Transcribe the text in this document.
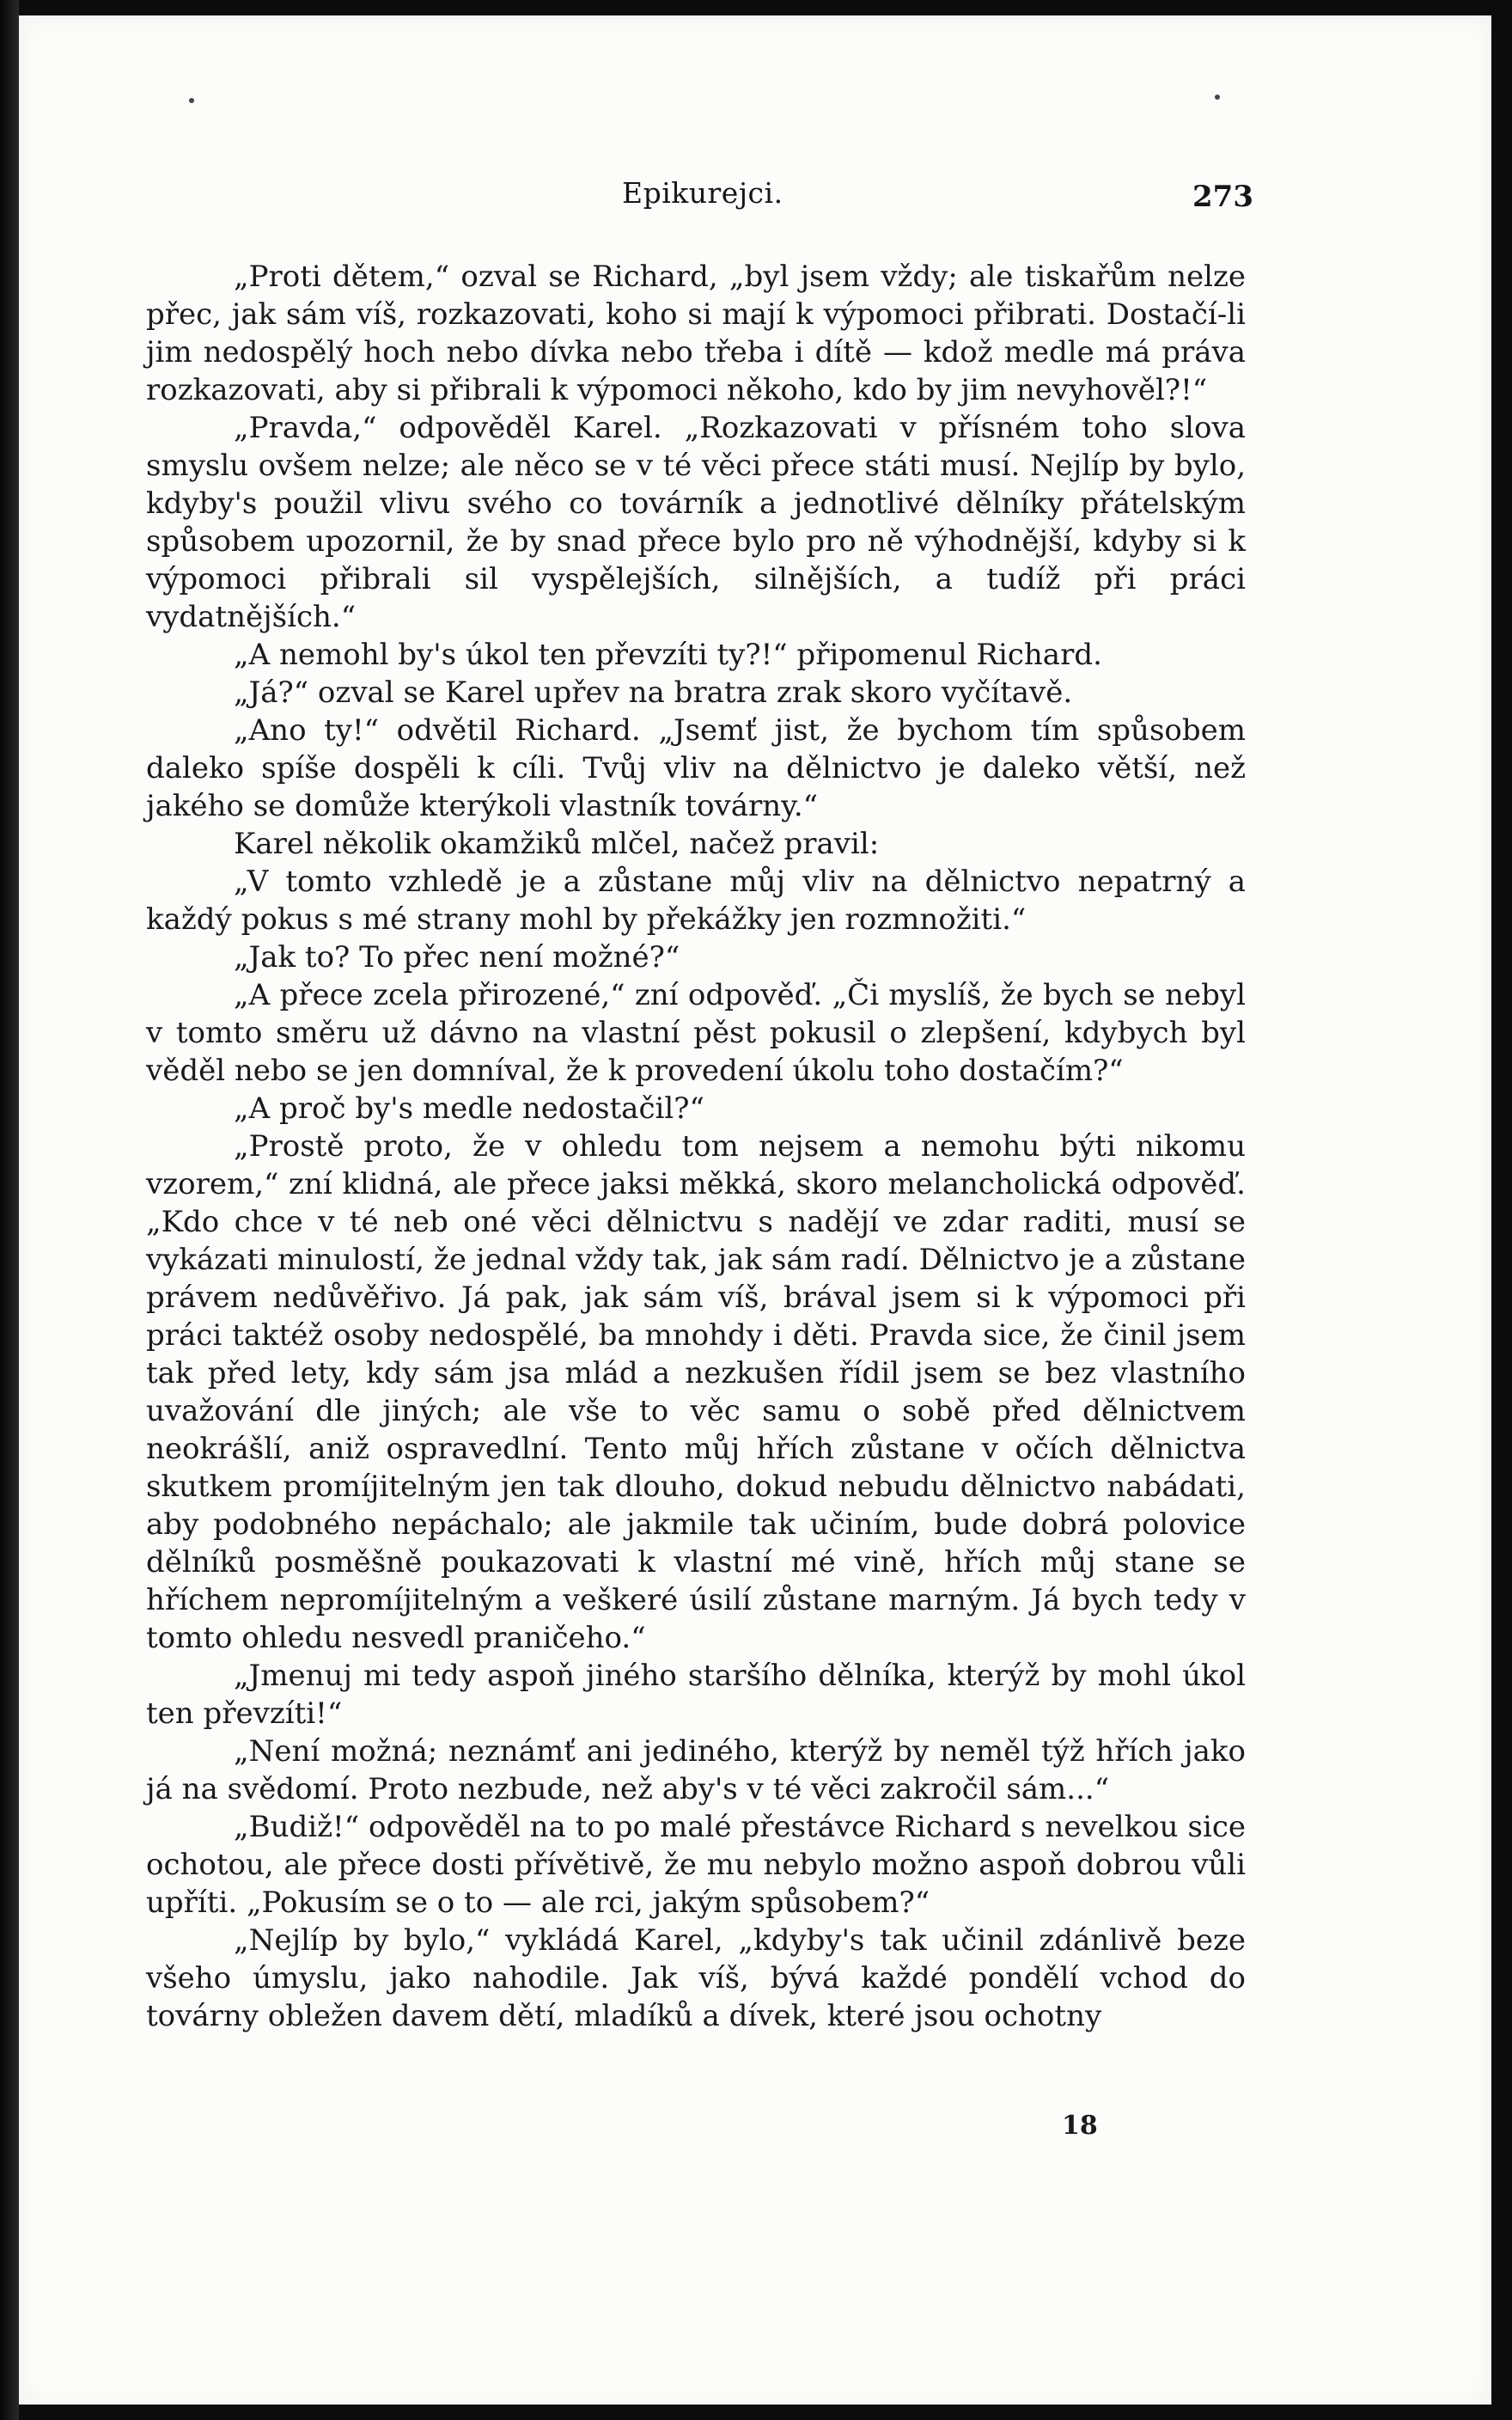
Epikurejci.	273

„Proti dětem,“ ozval se Richard, „byl jsem vždy; ale tiskařům nelze přec, jak sám víš, rozkazovati, koho si mají k výpomoci přibrati. Dostačí-li jim nedospělý hoch nebo dívka nebo třeba i dítě — kdož medle má práva rozkazovati, aby si přibrali k výpomoci někoho, kdo by jim nevyhověl?!“

„Pravda,“ odpověděl Karel. „Rozkazovati v přísném toho slova smyslu ovšem nelze; ale něco se v té věci přece státi musí. Nejlíp by bylo, kdyby's použil vlivu svého co továrník a jednotlivé dělníky přátelským spůsobem upozornil, že by snad přece bylo pro ně výhodnější, kdyby si k výpomoci přibrali sil vyspělejších, silnějších, a tudíž při práci vydatnějších.“

„A nemohl by's úkol ten převzíti ty?!“ připomenul Richard.

„Já?“ ozval se Karel upřev na bratra zrak skoro vyčítavě.

„Ano ty!“ odvětil Richard. „Jsemť jist, že bychom tím spůsobem daleko spíše dospěli k cíli. Tvůj vliv na dělnictvo je daleko větší, než jakého se domůže kterýkoli vlastník továrny.“

Karel několik okamžiků mlčel, načež pravil:

„V tomto vzhledě je a zůstane můj vliv na dělnictvo nepatrný a každý pokus s mé strany mohl by překážky jen rozmnožiti.“

„Jak to? To přec není možné?“

„A přece zcela přirozené,“ zní odpověď. „Či myslíš, že bych se nebyl v tomto směru už dávno na vlastní pěst pokusil o zlepšení, kdybych byl věděl nebo se jen domníval, že k provedení úkolu toho dostačím?“

„A proč by's medle nedostačil?“

„Prostě proto, že v ohledu tom nejsem a nemohu býti nikomu vzorem,“ zní klidná, ale přece jaksi měkká, skoro melancholická odpověď. „Kdo chce v té neb oné věci dělnictvu s nadějí ve zdar raditi, musí se vykázati minulostí, že jednal vždy tak, jak sám radí. Dělnictvo je a zůstane právem nedůvěřivo. Já pak, jak sám víš, brával jsem si k výpomoci při práci taktéž osoby nedospělé, ba mnohdy i děti. Pravda sice, že činil jsem tak před lety, kdy sám jsa mlád a nezkušen řídil jsem se bez vlastního uvažování dle jiných; ale vše to věc samu o sobě před dělnictvem neokrášlí, aniž ospravedlní. Tento můj hřích zůstane v očích dělnictva skutkem promíjitelným jen tak dlouho, dokud nebudu dělnictvo nabádati, aby podobného nepáchalo; ale jakmile tak učiním, bude dobrá polovice dělníků posměšně poukazovati k vlastní mé vině, hřích můj stane se hříchem nepromíjitelným a veškeré úsilí zůstane marným. Já bych tedy v tomto ohledu nesvedl praničeho.“

„Jmenuj mi tedy aspoň jiného staršího dělníka, kterýž by mohl úkol ten převzíti!“

„Není možná; neznámť ani jediného, kterýž by neměl týž hřích jako já na svědomí. Proto nezbude, než aby's v té věci zakročil sám...“

„Budiž!“ odpověděl na to po malé přestávce Richard s nevelkou sice ochotou, ale přece dosti přívětivě, že mu nebylo možno aspoň dobrou vůli upříti. „Pokusím se o to — ale rci, jakým spůsobem?“

„Nejlíp by bylo,“ vykládá Karel, „kdyby's tak učinil zdánlivě beze všeho úmyslu, jako nahodile. Jak víš, bývá každé pondělí vchod do továrny obležen davem dětí, mladíků a dívek, které jsou ochotny

18
